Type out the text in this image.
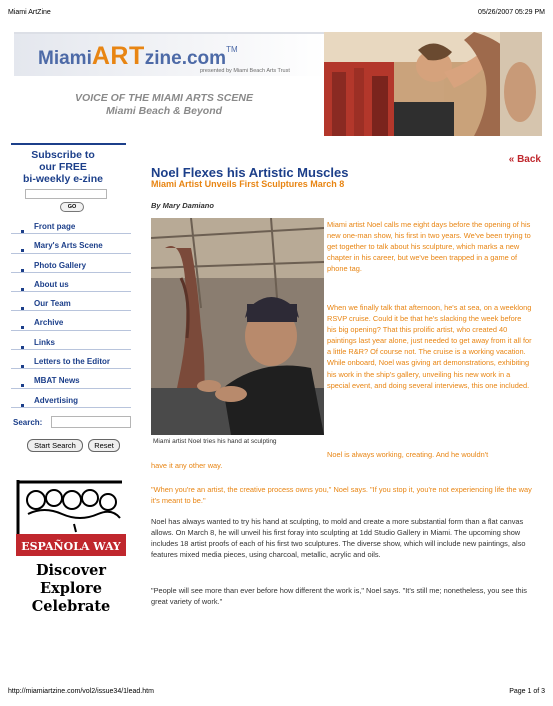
Miami ArtZine	05/26/2007 05:29 PM
MiamiARTzine.com™
presented by Miami Beach Arts Trust
VOICE OF THE MIAMI ARTS SCENE
Miami Beach & Beyond
Subscribe to
our FREE
bi-weekly e-zine
GO
Front page
Mary's Arts Scene
Photo Gallery
About us
Our Team
Archive
Links
Letters to the Editor
MBAT News
Advertising
Search:
Start Search	Reset
ESPAÑOLA WAY
Discover
Explore
Celebrate
« Back
Noel Flexes his Artistic Muscles
Miami Artist Unveils First Sculptures March 8
By Mary Damiano
Miami artist Noel tries his hand at sculpting
Miami artist Noel calls me eight days before the opening of his new one-man show, his first in two years. We've been trying to get together to talk about his sculpture, which marks a new chapter in his career, but we've been trapped in a game of phone tag.
When we finally talk that afternoon, he's at sea, on a weeklong RSVP cruise. Could it be that he's slacking the week before his big opening? That this prolific artist, who created 40 paintings last year alone, just needed to get away from it all for a little R&R? Of course not. The cruise is a working vacation. While onboard, Noel was giving art demonstrations, exhibiting his work in the ship's gallery, unveiling his new work in a special event, and doing several interviews, this one included.
Noel is always working, creating. And he wouldn't
have it any other way.
"When you're an artist, the creative process owns you," Noel says. "If you stop it, you're not experiencing life the way it's meant to be."
Noel has always wanted to try his hand at sculpting, to mold and create a more substantial form than a flat canvas allows. On March 8, he will unveil his first foray into sculpting at 1dd Studio Gallery in Miami. The upcoming show includes 18 artist proofs of each of his first two sculptures. The diverse show, which will include new paintings, also features mixed media pieces, using charcoal, metallic, acrylic and oils.
"People will see more than ever before how different the work is," Noel says. "It's still me; nonetheless, you see this great variety of work."
http://miamiartzine.com/vol2/issue34/1lead.htm	Page 1 of 3
